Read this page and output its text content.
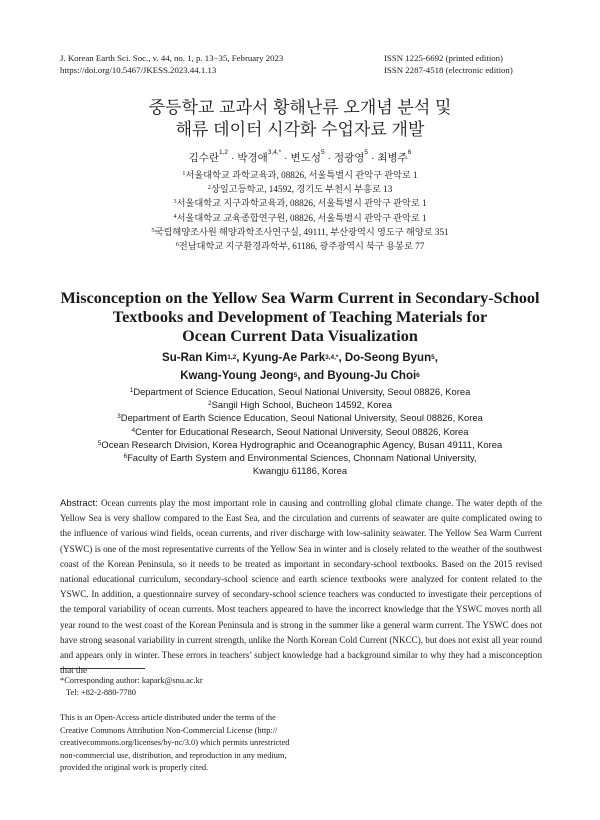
J. Korean Earth Sci. Soc., v. 44, no. 1, p. 13−35, February 2023
https://doi.org/10.5467/JKESS.2023.44.1.13
ISSN 1225-6692 (printed edition)
ISSN 2287-4518 (electronic edition)
중등학교 교과서 황해난류 오개념 분석 및
해류 데이터 시각화 수업자료 개발
김수란$^{1,2}$ · 박경애$^{3,4,*}$ · 변도성$^5$ · 정광영$^5$ · 최병주$^6$
$^1$서울대학교 과학교육과, 08826, 서울특별시 관악구 관악로 1
$^2$상일고등학교, 14592, 경기도 부천시 부흥로 13
$^3$서울대학교 지구과학교육과, 08826, 서울특별시 관악구 관악로 1
$^4$서울대학교 교육종합연구원, 08826, 서울특별시 관악구 관악로 1
$^5$국립해양조사원 해양과학조사연구실, 49111, 부산광역시 영도구 해양로 351
$^6$전남대학교 지구환경과학부, 61186, 광주광역시 북구 용봉로 77
Misconception on the Yellow Sea Warm Current in Secondary-School
Textbooks and Development of Teaching Materials for
Ocean Current Data Visualization
Su-Ran Kim$^{1,2}$, Kyung-Ae Park$^{3,4,*}$, Do-Seong Byun$^5$,
Kwang-Young Jeong$^5$, and Byoung-Ju Choi$^6$
$^1$Department of Science Education, Seoul National University, Seoul 08826, Korea
$^2$Sangil High School, Bucheon 14592, Korea
$^3$Department of Earth Science Education, Seoul National University, Seoul 08826, Korea
$^4$Center for Educational Research, Seoul National University, Seoul 08826, Korea
$^5$Ocean Research Division, Korea Hydrographic and Oceanographic Agency, Busan 49111, Korea
$^6$Faculty of Earth System and Environmental Sciences, Chonnam National University,
Kwangju 61186, Korea
Abstract: Ocean currents play the most important role in causing and controlling global climate change. The water depth of the Yellow Sea is very shallow compared to the East Sea, and the circulation and currents of seawater are quite complicated owing to the influence of various wind fields, ocean currents, and river discharge with low-salinity seawater. The Yellow Sea Warm Current (YSWC) is one of the most representative currents of the Yellow Sea in winter and is closely related to the weather of the southwest coast of the Korean Peninsula, so it needs to be treated as important in secondary-school textbooks. Based on the 2015 revised national educational curriculum, secondary-school science and earth science textbooks were analyzed for content related to the YSWC. In addition, a questionnaire survey of secondary-school science teachers was conducted to investigate their perceptions of the temporal variability of ocean currents. Most teachers appeared to have the incorrect knowledge that the YSWC moves north all year round to the west coast of the Korean Peninsula and is strong in the summer like a general warm current. The YSWC does not have strong seasonal variability in current strength, unlike the North Korean Cold Current (NKCC), but does not exist all year round and appears only in winter. These errors in teachers’ subject knowledge had a background similar to why they had a misconception that the
*Corresponding author: kapark@snu.ac.kr
Tel: +82-2-880-7780
This is an Open-Access article distributed under the terms of the
Creative Commons Attribution Non-Commercial License (http://
creativecommons.org/licenses/by-nc/3.0) which permits unrestricted
non-commercial use, distribution, and reproduction in any medium,
provided the original work is properly cited.
